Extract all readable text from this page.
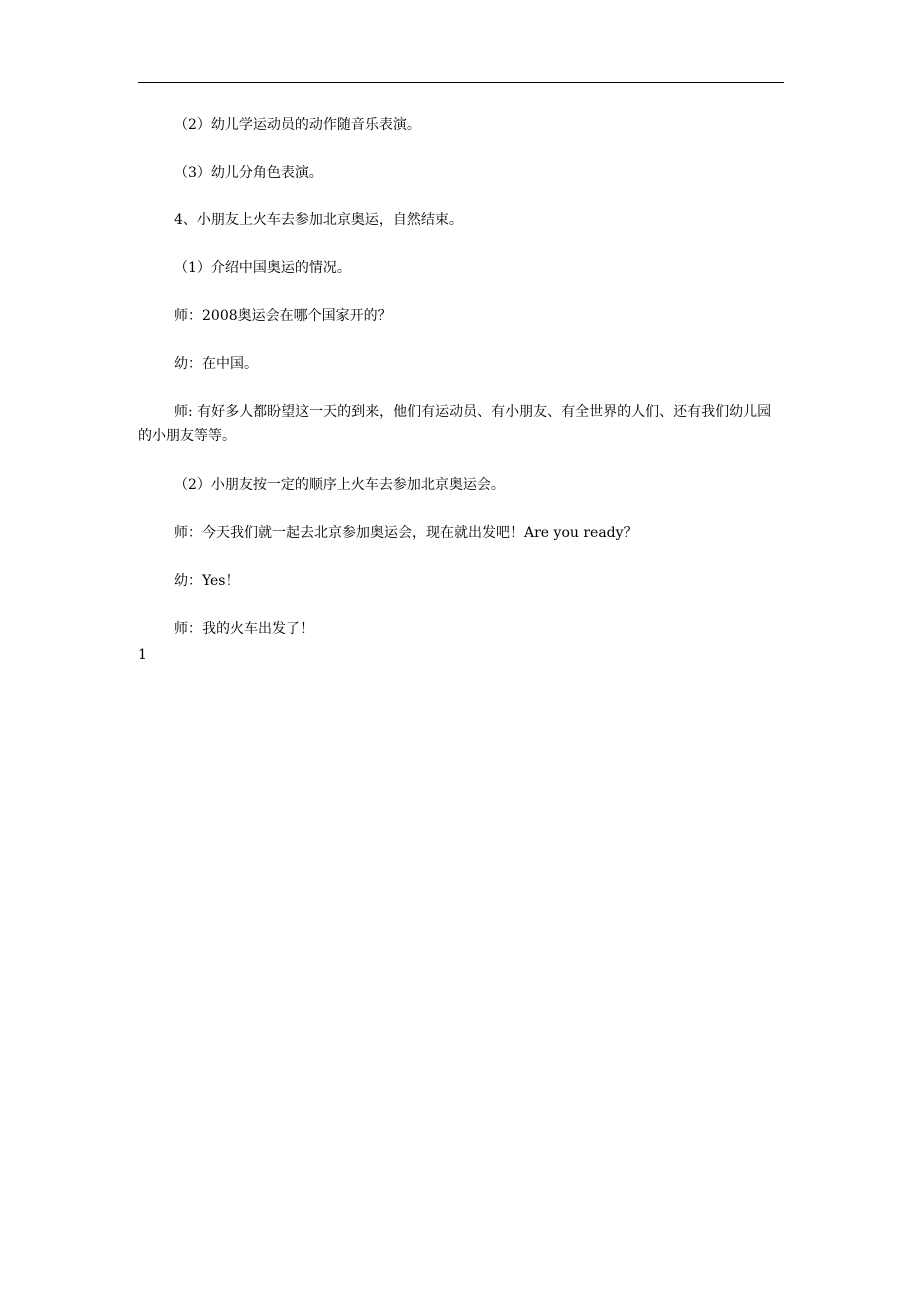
（2）幼儿学运动员的动作随音乐表演。

（3）幼儿分角色表演。

4、小朋友上火车去参加北京奥运，自然结束。

（1）介绍中国奥运的情况。

师：2008奥运会在哪个国家开的？

幼：在中国。

师: 有好多人都盼望这一天的到来，他们有运动员、有小朋友、有全世界的人们、还有我们幼儿园的小朋友等等。

（2）小朋友按一定的顺序上火车去参加北京奥运会。

师：今天我们就一起去北京参加奥运会，现在就出发吧！Are you ready？

幼：Yes！

师：我的火车出发了！

1
